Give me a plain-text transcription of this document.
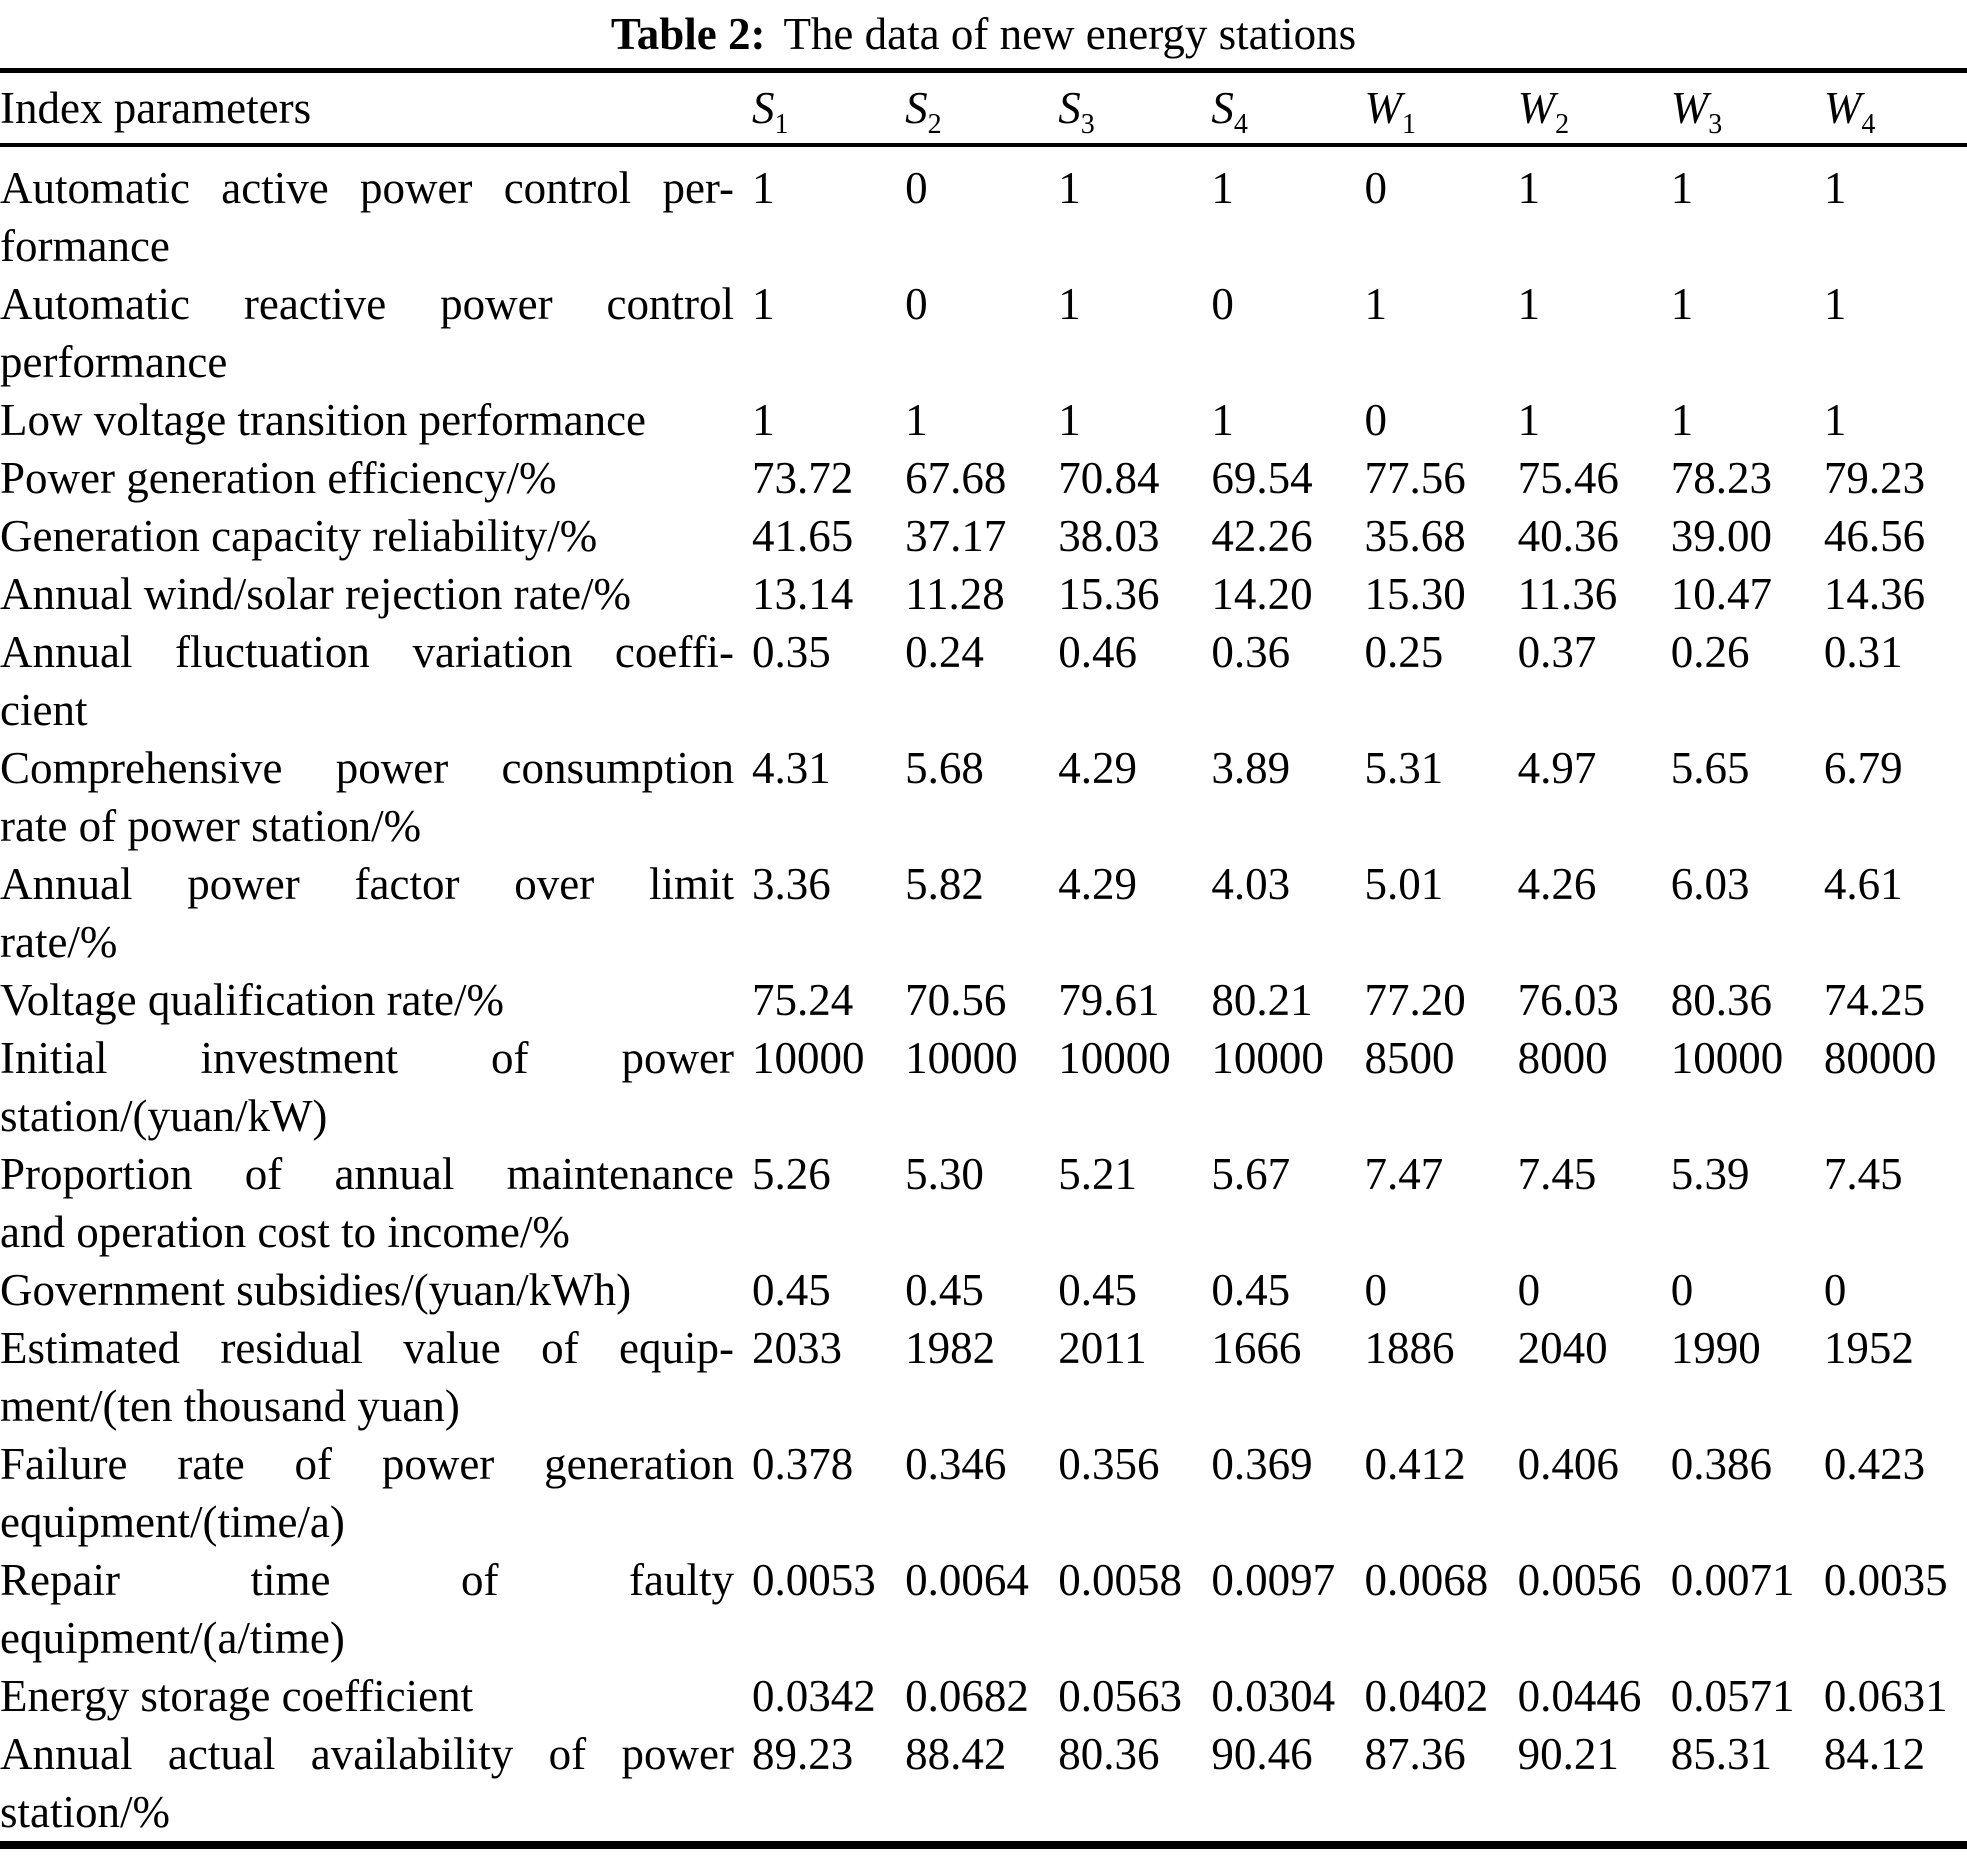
Table 2: The data of new energy stations
Index parameters	$S_1$	$S_2$	$S_3$	$S_4$	$W_1$	$W_2$	$W_3$	$W_4$

Automatic active power control per-
formance	1	0	1	1	0	1	1	1

Automatic reactive power control
performance	1	0	1	0	1	1	1	1

Low voltage transition performance	1	1	1	1	0	1	1	1

Power generation efficiency/%	73.72	67.68	70.84	69.54	77.56	75.46	78.23	79.23

Generation capacity reliability/%	41.65	37.17	38.03	42.26	35.68	40.36	39.00	46.56

Annual wind/solar rejection rate/%	13.14	11.28	15.36	14.20	15.30	11.36	10.47	14.36

Annual fluctuation variation coeffi-
cient	0.35	0.24	0.46	0.36	0.25	0.37	0.26	0.31

Comprehensive power consumption
rate of power station/%	4.31	5.68	4.29	3.89	5.31	4.97	5.65	6.79

Annual power factor over limit
rate/%	3.36	5.82	4.29	4.03	5.01	4.26	6.03	4.61

Voltage qualification rate/%	75.24	70.56	79.61	80.21	77.20	76.03	80.36	74.25

Initial investment of power
station/(yuan/kW)	10000	10000	10000	10000	8500	8000	10000	80000

Proportion of annual maintenance
and operation cost to income/%	5.26	5.30	5.21	5.67	7.47	7.45	5.39	7.45

Government subsidies/(yuan/kWh)	0.45	0.45	0.45	0.45	0	0	0	0

Estimated residual value of equip-
ment/(ten thousand yuan)	2033	1982	2011	1666	1886	2040	1990	1952

Failure rate of power generation
equipment/(time/a)	0.378	0.346	0.356	0.369	0.412	0.406	0.386	0.423

Repair time of faulty
equipment/(a/time)	0.0053	0.0064	0.0058	0.0097	0.0068	0.0056	0.0071	0.0035

Energy storage coefficient	0.0342	0.0682	0.0563	0.0304	0.0402	0.0446	0.0571	0.0631

Annual actual availability of power
station/%	89.23	88.42	80.36	90.46	87.36	90.21	85.31	84.12
